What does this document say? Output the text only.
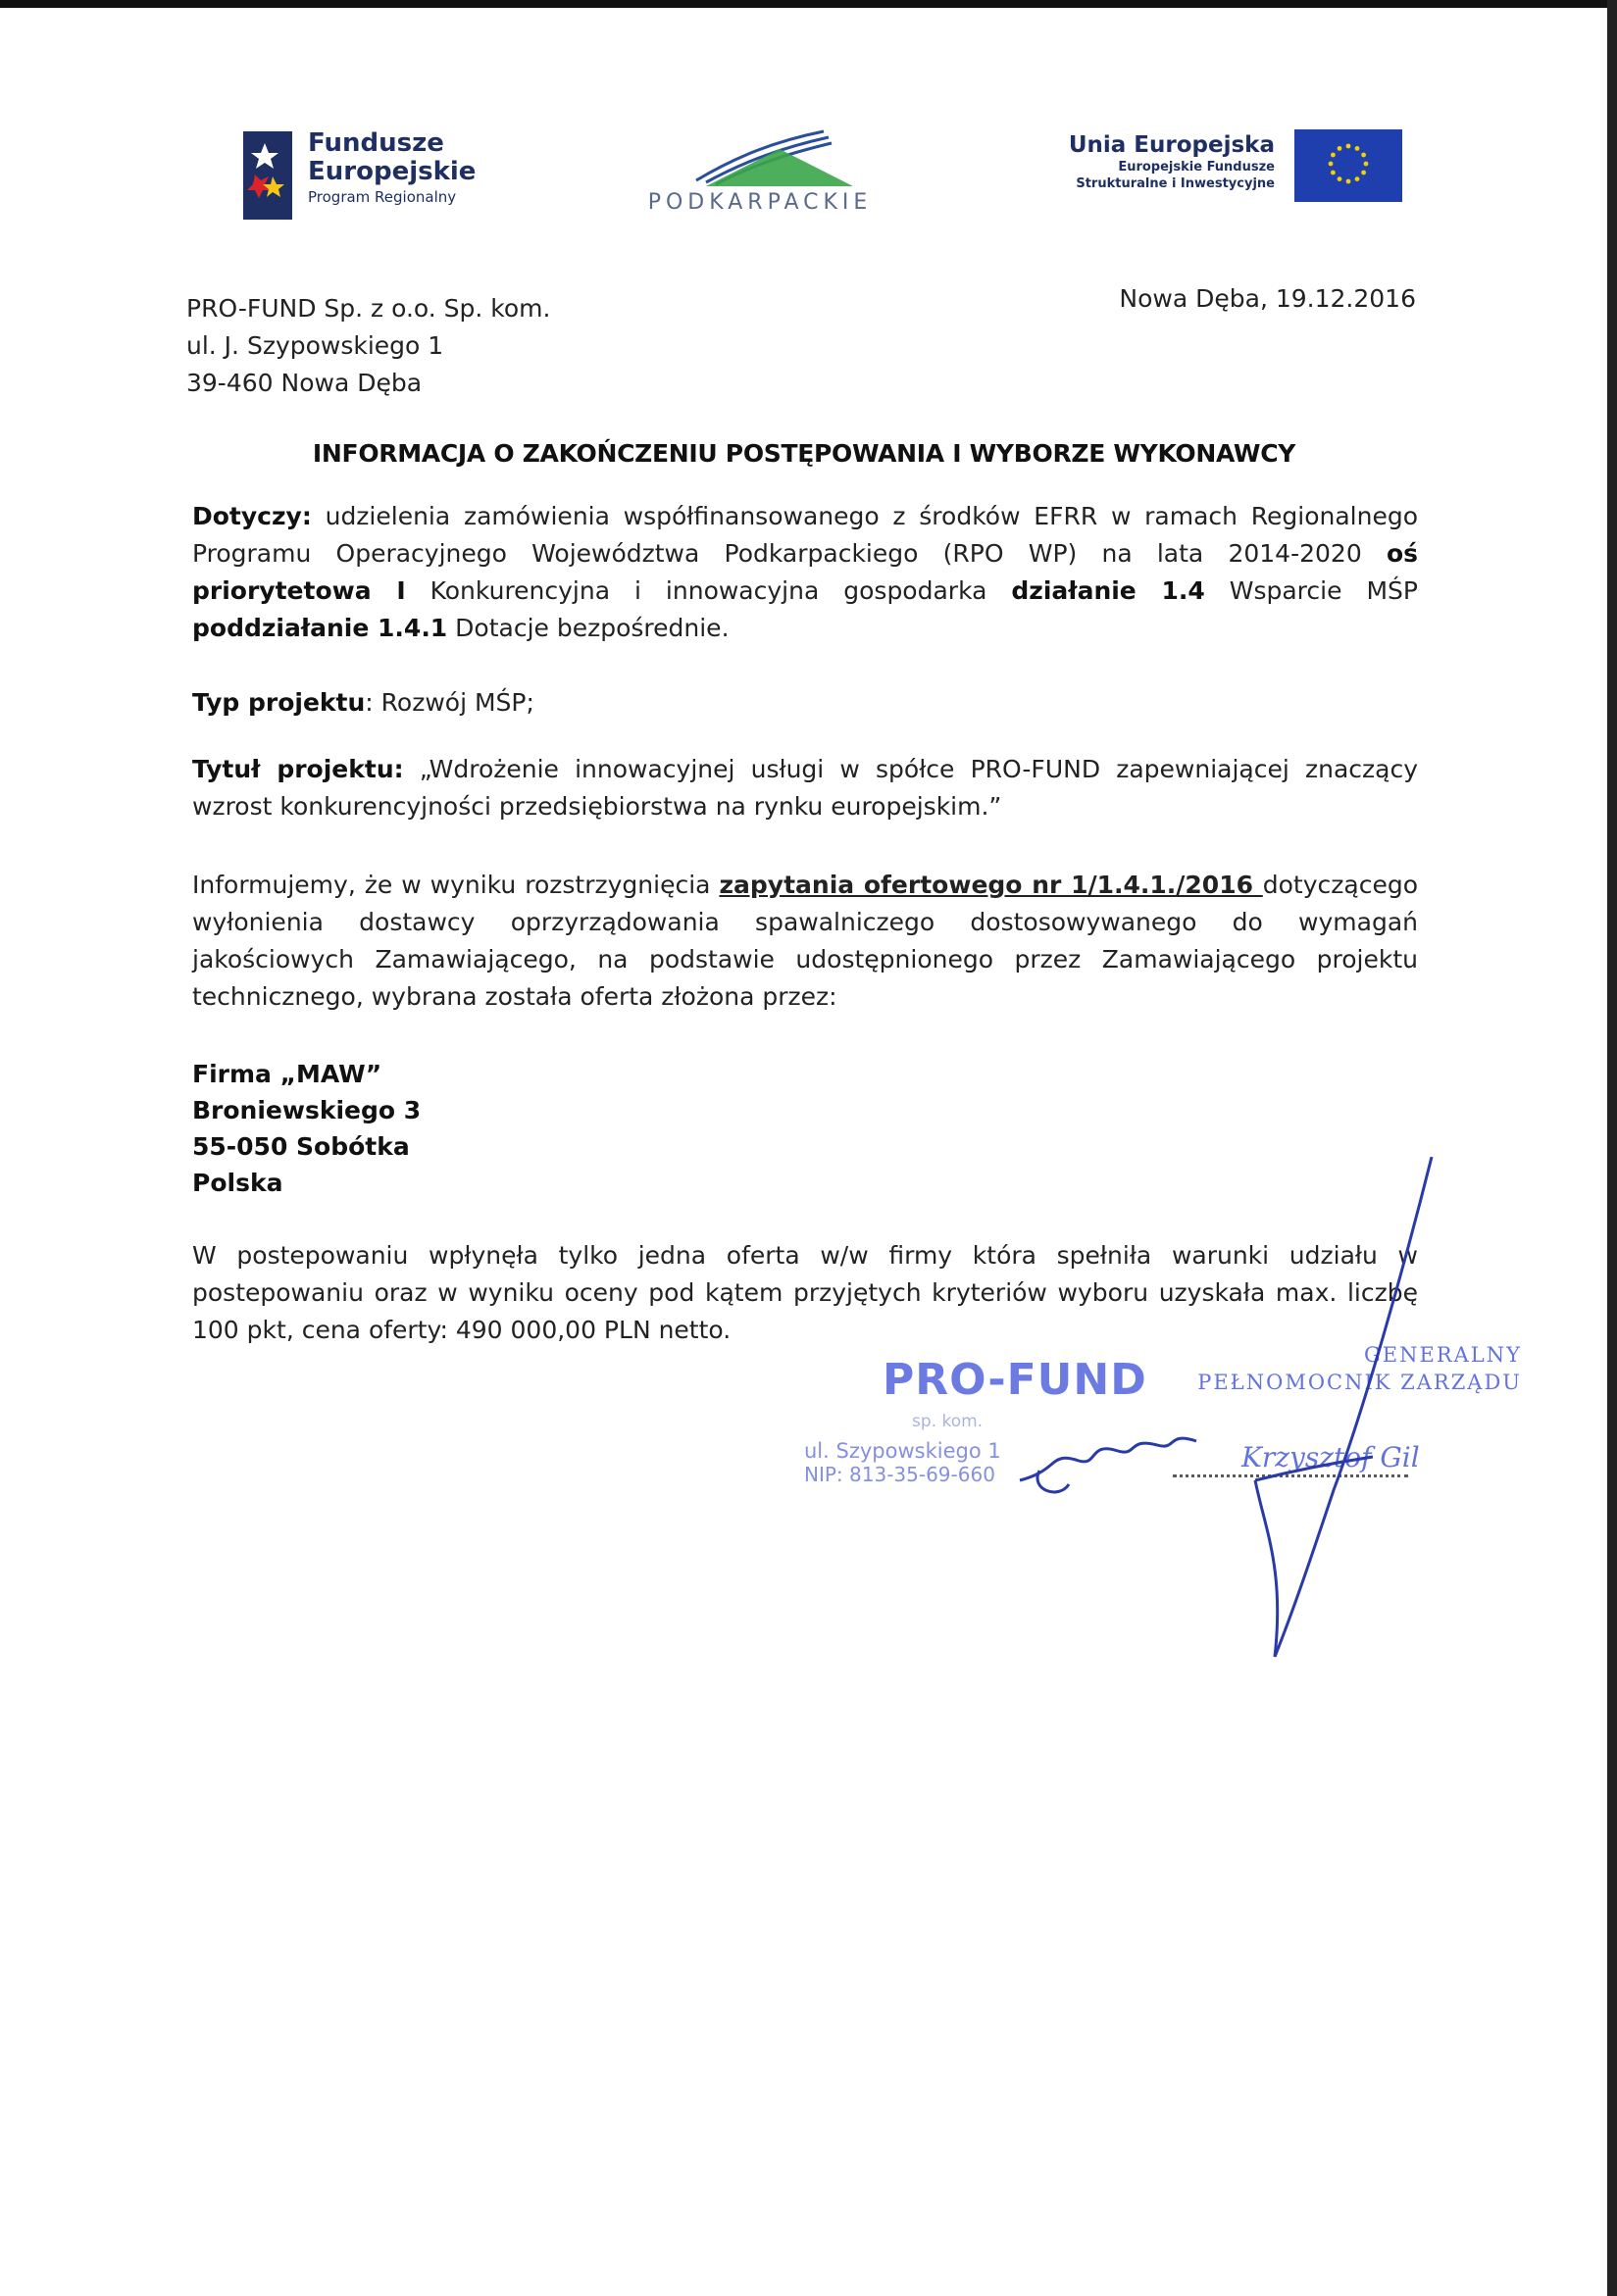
Fundusze
Europejskie
Program Regionalny	PODKARPACKIE
Unia Europejska
Europejskie Fundusze
Strukturalne i Inwestycyjne
PRO-FUND Sp. z o.o. Sp. kom.
ul. J. Szypowskiego 1
39-460 Nowa Dęba
Nowa Dęba, 19.12.2016
INFORMACJA O ZAKOŃCZENIU POSTĘPOWANIA I WYBORZE WYKONAWCY
Dotyczy: udzielenia zamówienia współfinansowanego z środków EFRR w ramach Regionalnego Programu Operacyjnego Województwa Podkarpackiego (RPO WP) na lata 2014-2020 oś priorytetowa I Konkurencyjna i innowacyjna gospodarka działanie 1.4 Wsparcie MŚP poddziałanie 1.4.1 Dotacje bezpośrednie.
Typ projektu: Rozwój MŚP;
Tytuł projektu: „Wdrożenie innowacyjnej usługi w spółce PRO-FUND zapewniającej znaczący wzrost konkurencyjności przedsiębiorstwa na rynku europejskim.”
Informujemy, że w wyniku rozstrzygnięcia zapytania ofertowego nr 1/1.4.1./2016 dotyczącego wyłonienia dostawcy oprzyrządowania spawalniczego dostosowywanego do wymagań jakościowych Zamawiającego, na podstawie udostępnionego przez Zamawiającego projektu technicznego, wybrana została oferta złożona przez:
Firma „MAW”
Broniewskiego 3
55-050 Sobótka
Polska
W postepowaniu wpłynęła tylko jedna oferta w/w firmy która spełniła warunki udziału w postepowaniu oraz w wyniku oceny pod kątem przyjętych kryteriów wyboru uzyskała max. liczbę 100 pkt, cena oferty: 490 000,00 PLN netto.
PRO-FUND
sp. kom.
ul. Szypowskiego 1
NIP: 813-35-69-660
GENERALNY
PEŁNOMOCNIK ZARZĄDU
Krzysztof Gil
